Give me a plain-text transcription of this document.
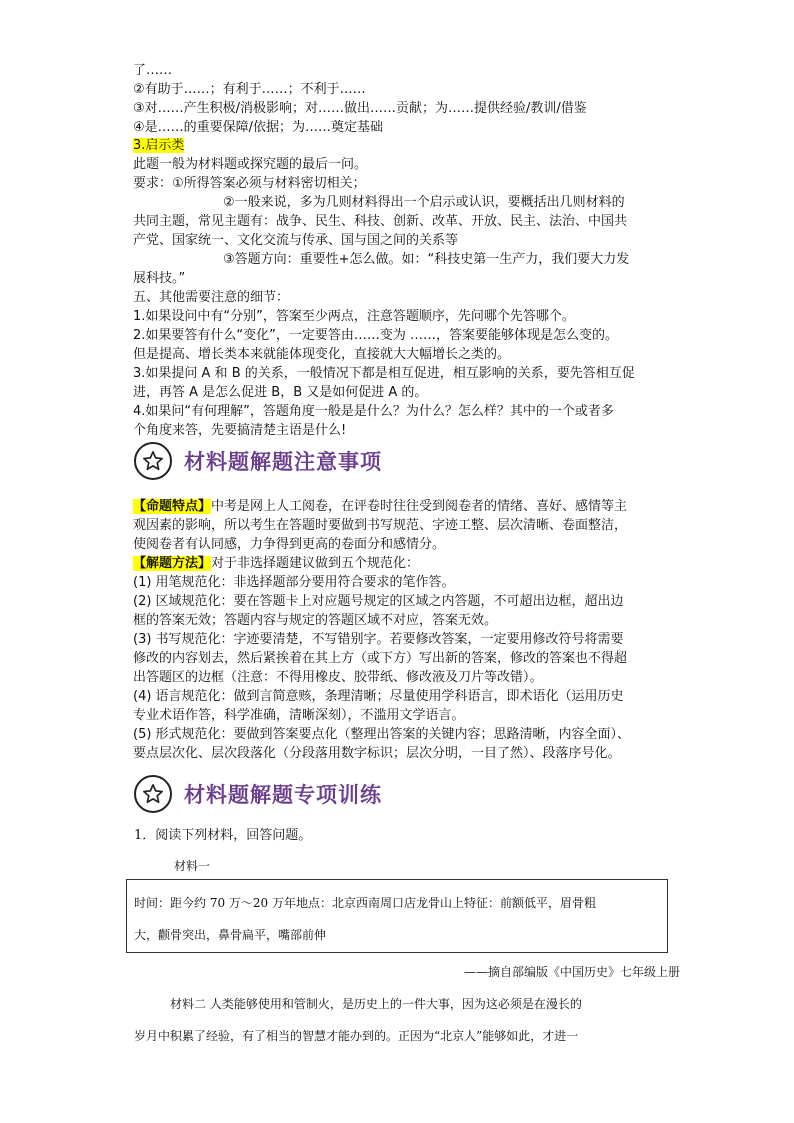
了……
②有助于……；有利于……；不利于……
③对……产生积极/消极影响；对……做出……贡献；为……提供经验/教训/借鉴
④是……的重要保障/依据；为……奠定基础
3.启示类
此题一般为材料题或探究题的最后一问。
要求：①所得答案必须与材料密切相关；
②一般来说，多为几则材料得出一个启示或认识，要概括出几则材料的
共同主题，常见主题有：战争、民生、科技、创新、改革、开放、民主、法治、中国共
产党、国家统一、文化交流与传承、国与国之间的关系等
③答题方向：重要性+怎么做。如：“科技史第一生产力，我们要大力发
展科技。”
五、其他需要注意的细节：
1.如果设问中有“分别”，答案至少两点，注意答题顺序，先问哪个先答哪个。
2.如果要答有什么“变化”，一定要答由……变为 ……，答案要能够体现是怎么变的。
但是提高、增长类本来就能体现变化，直接就大大幅增长之类的。
3.如果提问 A 和 B 的关系，一般情况下都是相互促进，相互影响的关系，要先答相互促
进，再答 A 是怎么促进 B，B 又是如何促进 A 的。
4.如果问“有何理解”，答题角度一般是是什么？为什么？怎么样？其中的一个或者多
个角度来答，先要搞清楚主语是什么!
材料题解题注意事项
【命题特点】中考是网上人工阅卷，在评卷时往往受到阅卷者的情绪、喜好、感情等主
观因素的影响，所以考生在答题时要做到书写规范、字迹工整、层次清晰、卷面整洁，
使阅卷者有认同感，力争得到更高的卷面分和感情分。
【解题方法】对于非选择题建议做到五个规范化：
(1) 用笔规范化：非选择题部分要用符合要求的笔作答。
(2) 区域规范化：要在答题卡上对应题号规定的区域之内答题，不可超出边框，超出边
框的答案无效；答题内容与规定的答题区域不对应，答案无效。
(3) 书写规范化：字迹要清楚，不写错别字。若要修改答案，一定要用修改符号将需要
修改的内容划去，然后紧挨着在其上方（或下方）写出新的答案，修改的答案也不得超
出答题区的边框（注意：不得用橡皮、胶带纸、修改液及刀片等改错）。
(4) 语言规范化：做到言简意赅，条理清晰；尽量使用学科语言，即术语化（运用历史
专业术语作答，科学准确，清晰深刻），不滥用文学语言。
(5) 形式规范化：要做到答案要点化（整理出答案的关键内容；思路清晰，内容全面）、
要点层次化、层次段落化（分段落用数字标识；层次分明，一目了然）、段落序号化。
材料题解题专项训练
1．阅读下列材料，回答问题。
材料一
时间：距今约 70 万～20 万年地点：北京西南周口店龙骨山上特征：前额低平，眉骨粗
大，颧骨突出，鼻骨扁平，嘴部前伸
——摘自部编版《中国历史》七年级上册
材料二 人类能够使用和管制火，是历史上的一件大事，因为这必须是在漫长的
岁月中积累了经验，有了相当的智慧才能办到的。正因为“北京人”能够如此，才进一
